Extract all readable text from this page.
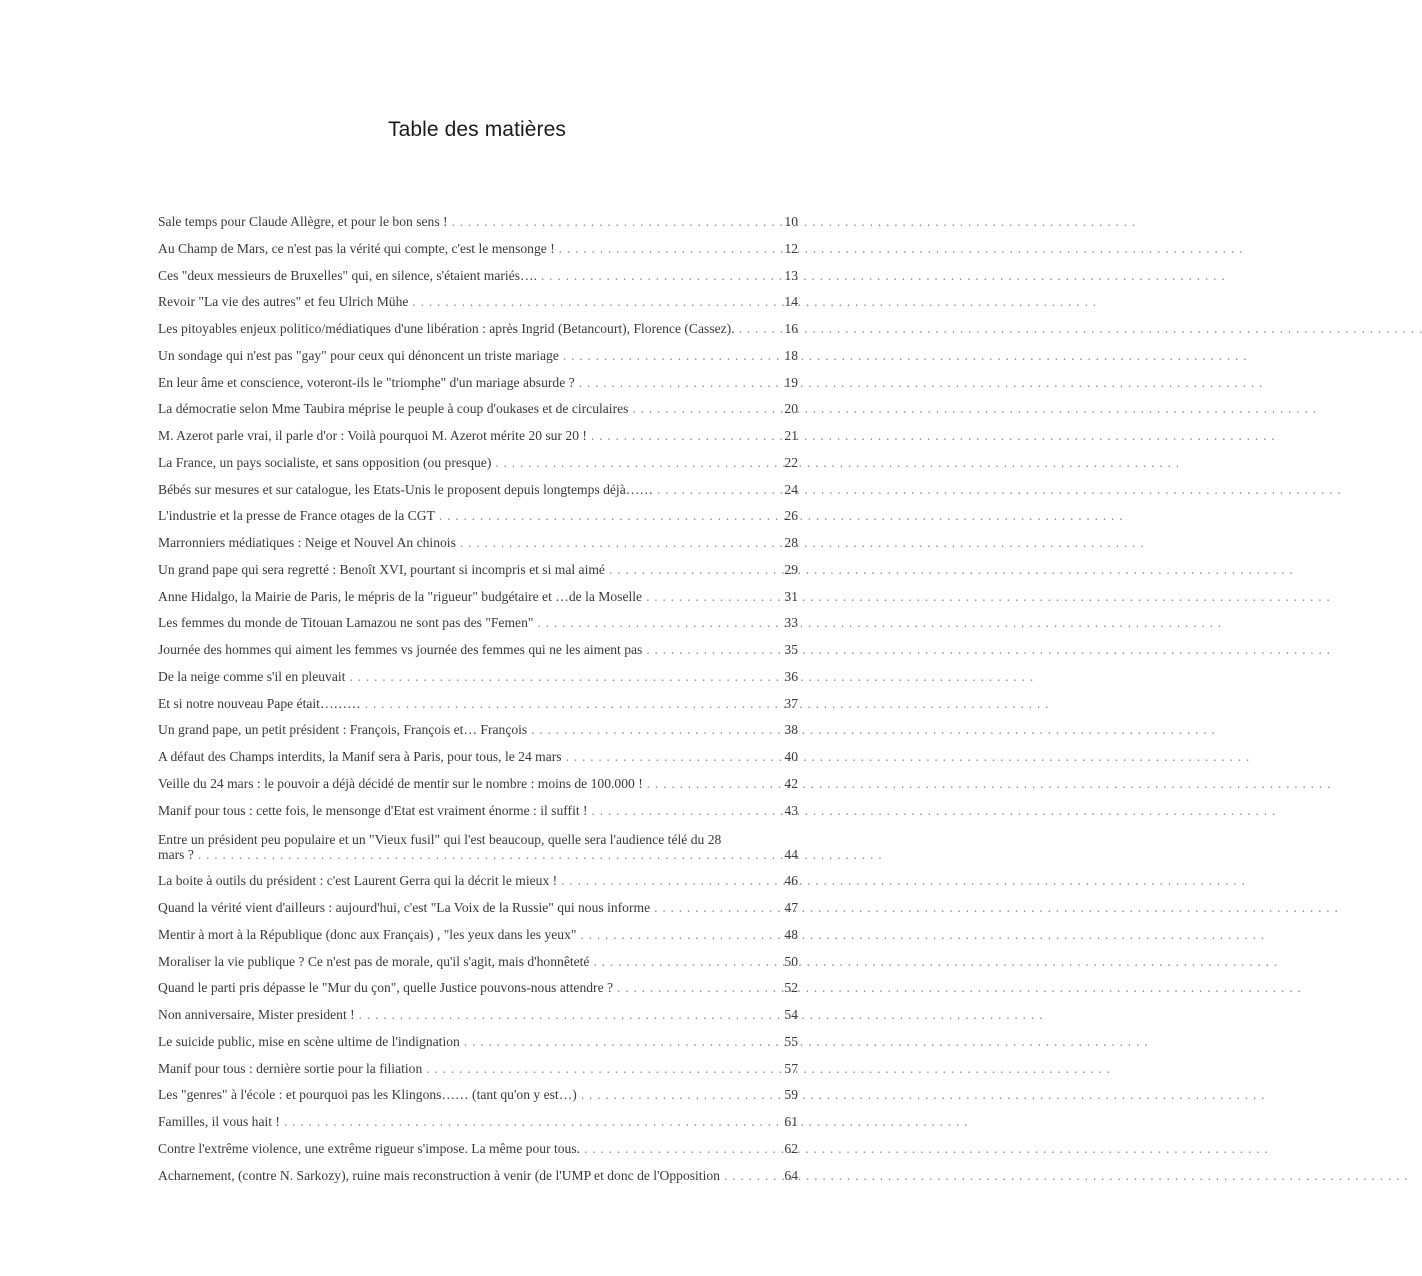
Table des matières
Sale temps pour Claude Allègre, et pour le bon sens ! . . .	10
Au Champ de Mars, ce n'est pas la vérité qui compte, c'est le mensonge ! . . .	12
Ces "deux messieurs de Bruxelles" qui, en silence, s'étaient mariés…. . . .	13
Revoir "La vie des autres" et feu Ulrich Mühe . . .	14
Les pitoyables enjeux politico/médiatiques d'une libération : après Ingrid (Betancourt), Florence (Cassez). . . .	16
Un sondage qui n'est pas "gay" pour ceux qui dénoncent un triste mariage . . .	18
En leur âme et conscience, voteront-ils le "triomphe" d'un mariage absurde ? . . .	19
La démocratie selon Mme Taubira méprise le peuple à coup d'oukases et de circulaires . . .	20
M. Azerot parle vrai, il parle d'or : Voilà pourquoi M. Azerot mérite 20 sur 20 ! . . .	21
La France, un pays socialiste, et sans opposition (ou presque) . . .	22
Bébés sur mesures et sur catalogue, les Etats-Unis le proposent depuis longtemps déjà…… . . .	24
L'industrie et la presse de France otages de la CGT . . .	26
Marronniers médiatiques : Neige et Nouvel An chinois . . .	28
Un grand pape qui sera regretté : Benoît XVI, pourtant si incompris et si mal aimé . . .	29
Anne Hidalgo, la Mairie de Paris, le mépris de la "rigueur" budgétaire et …de la Moselle . . .	31
Les femmes du monde de Titouan Lamazou ne sont pas des "Femen" . . .	33
Journée des hommes qui aiment les femmes vs journée des femmes qui ne les aiment pas . . .	35
De la neige comme s'il en pleuvait . . .	36
Et si notre nouveau Pape était……… . . .	37
Un grand pape, un petit président : François, François et… François . . .	38
A défaut des Champs interdits, la Manif sera à Paris, pour tous, le 24 mars . . .	40
Veille du 24 mars : le pouvoir a déjà décidé de mentir sur le nombre : moins de 100.000 ! . . .	42
Manif pour tous : cette fois, le mensonge d'Etat est vraiment énorme : il suffit ! . . .	43
Entre un président peu populaire et un "Vieux fusil" qui l'est beaucoup, quelle sera l'audience télé du 28
mars ? . . .	44
La boite à outils du président : c'est Laurent Gerra qui la décrit le mieux ! . . .	46
Quand la vérité vient d'ailleurs : aujourd'hui, c'est "La Voix de la Russie" qui nous informe . . .	47
Mentir à mort à la République (donc aux Français) , "les yeux dans les yeux" . . .	48
Moraliser la vie publique ? Ce n'est pas de morale, qu'il s'agit, mais d'honnêteté . . .	50
Quand le parti pris dépasse le "Mur du çon", quelle Justice pouvons-nous attendre ? . . .	52
Non anniversaire, Mister president ! . . .	54
Le suicide public, mise en scène ultime de l'indignation . . .	55
Manif pour tous : dernière sortie pour la filiation . . .	57
Les "genres" à l'école : et pourquoi pas les Klingons…… (tant qu'on y est…) . . .	59
Familles, il vous hait ! . . .	61
Contre l'extrême violence, une extrême rigueur s'impose. La même pour tous. . . .	62
Acharnement, (contre N. Sarkozy), ruine mais reconstruction à venir (de l'UMP et donc de l'Opposition . . .	64
